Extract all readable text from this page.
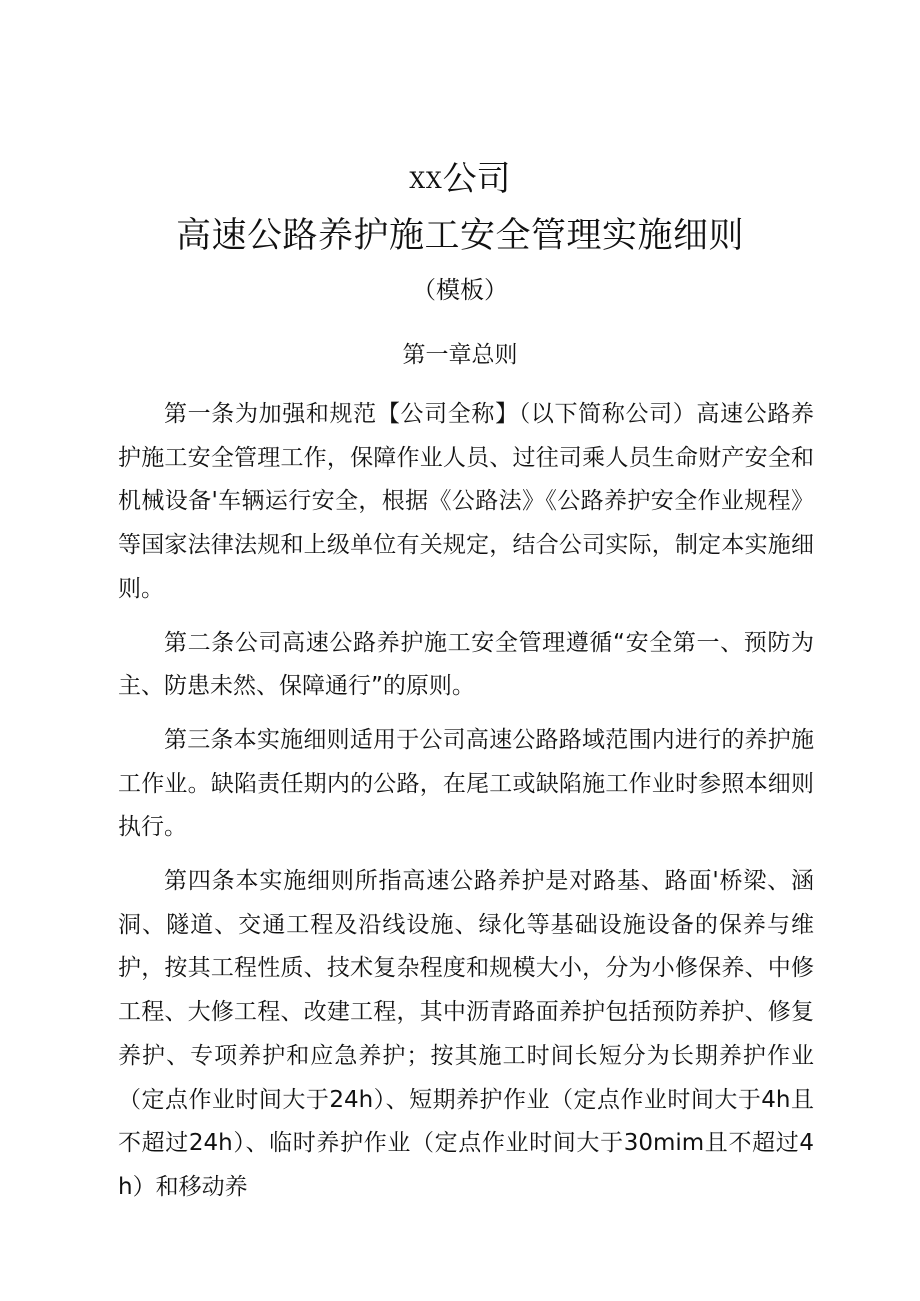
XX公司
高速公路养护施工安全管理实施细则
（模板）
第一章总则

第一条为加强和规范【公司全称】（以下简称公司）高速公路养护施工安全管理工作，保障作业人员、过往司乘人员生命财产安全和机械设备'车辆运行安全，根据《公路法》《公路养护安全作业规程》等国家法律法规和上级单位有关规定，结合公司实际，制定本实施细则。

第二条公司高速公路养护施工安全管理遵循“安全第一、预防为主、防患未然、保障通行”的原则。

第三条本实施细则适用于公司高速公路路域范围内进行的养护施工作业。缺陷责任期内的公路，在尾工或缺陷施工作业时参照本细则执行。

第四条本实施细则所指高速公路养护是对路基、路面'桥梁、涵洞、隧道、交通工程及沿线设施、绿化等基础设施设备的保养与维护，按其工程性质、技术复杂程度和规模大小，分为小修保养、中修工程、大修工程、改建工程，其中沥青路面养护包括预防养护、修复养护、专项养护和应急养护；按其施工时间长短分为长期养护作业（定点作业时间大于24h）、短期养护作业（定点作业时间大于4h且不超过24h）、临时养护作业（定点作业时间大于30mim且不超过4h）和移动养
